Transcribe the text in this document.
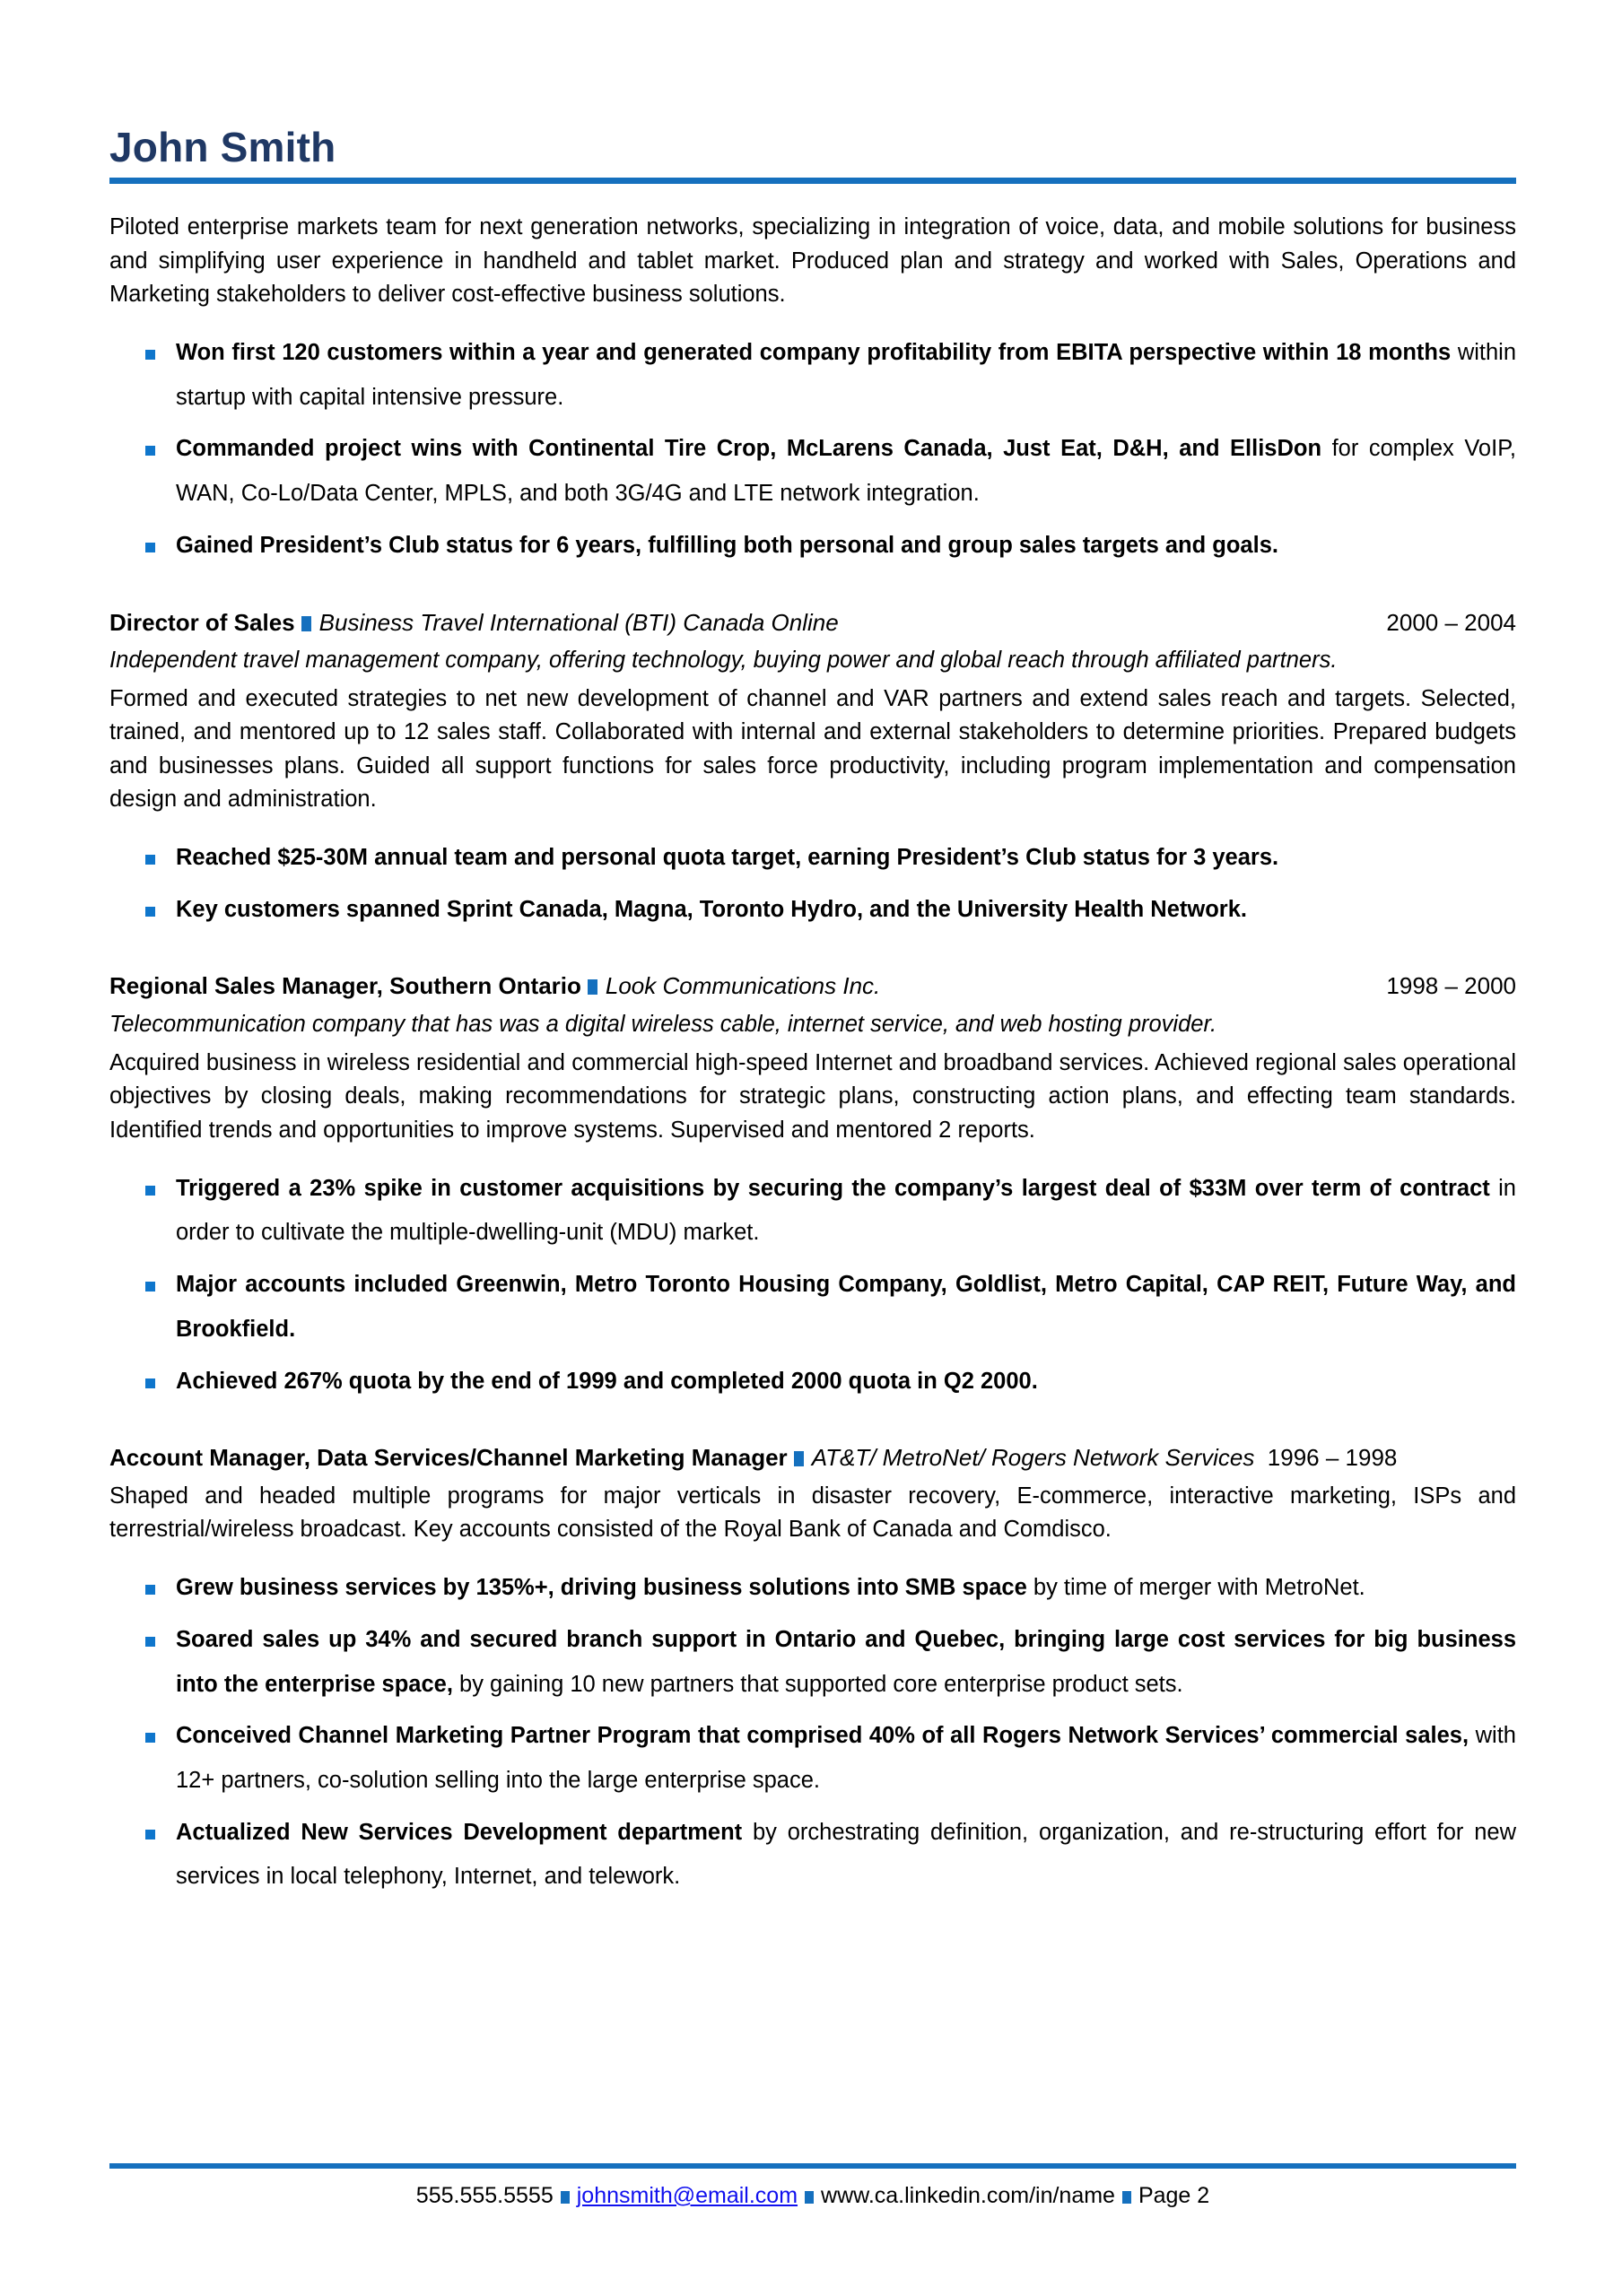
John Smith
Piloted enterprise markets team for next generation networks, specializing in integration of voice, data, and mobile solutions for business and simplifying user experience in handheld and tablet market. Produced plan and strategy and worked with Sales, Operations and Marketing stakeholders to deliver cost-effective business solutions.
Won first 120 customers within a year and generated company profitability from EBITA perspective within 18 months within startup with capital intensive pressure.
Commanded project wins with Continental Tire Crop, McLarens Canada, Just Eat, D&H, and EllisDon for complex VoIP, WAN, Co-Lo/Data Center, MPLS, and both 3G/4G and LTE network integration.
Gained President’s Club status for 6 years, fulfilling both personal and group sales targets and goals.
Director of Sales Business Travel International (BTI) Canada Online	2000 – 2004
Independent travel management company, offering technology, buying power and global reach through affiliated partners.
Formed and executed strategies to net new development of channel and VAR partners and extend sales reach and targets. Selected, trained, and mentored up to 12 sales staff. Collaborated with internal and external stakeholders to determine priorities. Prepared budgets and businesses plans. Guided all support functions for sales force productivity, including program implementation and compensation design and administration.
Reached $25-30M annual team and personal quota target, earning President’s Club status for 3 years.
Key customers spanned Sprint Canada, Magna, Toronto Hydro, and the University Health Network.
Regional Sales Manager, Southern Ontario Look Communications Inc.	1998 – 2000
Telecommunication company that has was a digital wireless cable, internet service, and web hosting provider.
Acquired business in wireless residential and commercial high-speed Internet and broadband services. Achieved regional sales operational objectives by closing deals, making recommendations for strategic plans, constructing action plans, and effecting team standards. Identified trends and opportunities to improve systems. Supervised and mentored 2 reports.
Triggered a 23% spike in customer acquisitions by securing the company’s largest deal of $33M over term of contract in order to cultivate the multiple-dwelling-unit (MDU) market.
Major accounts included Greenwin, Metro Toronto Housing Company, Goldlist, Metro Capital, CAP REIT, Future Way, and Brookfield.
Achieved 267% quota by the end of 1999 and completed 2000 quota in Q2 2000.
Account Manager, Data Services/Channel Marketing Manager AT&T/ MetroNet/ Rogers Network Services 1996 – 1998
Shaped and headed multiple programs for major verticals in disaster recovery, E-commerce, interactive marketing, ISPs and terrestrial/wireless broadcast. Key accounts consisted of the Royal Bank of Canada and Comdisco.
Grew business services by 135%+, driving business solutions into SMB space by time of merger with MetroNet.
Soared sales up 34% and secured branch support in Ontario and Quebec, bringing large cost services for big business into the enterprise space, by gaining 10 new partners that supported core enterprise product sets.
Conceived Channel Marketing Partner Program that comprised 40% of all Rogers Network Services’ commercial sales, with 12+ partners, co-solution selling into the large enterprise space.
Actualized New Services Development department by orchestrating definition, organization, and re-structuring effort for new services in local telephony, Internet, and telework.
555.555.5555 johnsmith@email.com www.ca.linkedin.com/in/name Page 2
